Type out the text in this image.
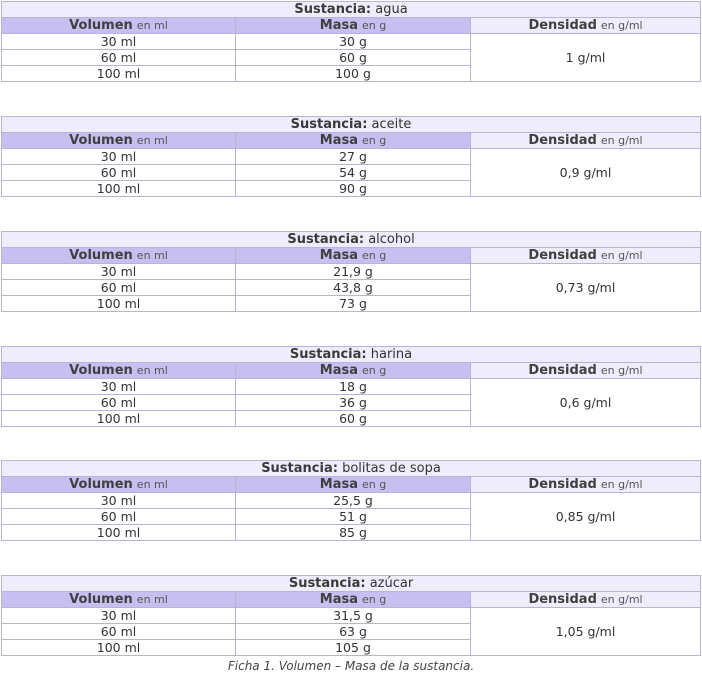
Sustancia: agua		
Volumen en ml	Masa en g	Densidad en g/ml
30 ml	30 g	1 g/ml
60 ml	60 g	
100 ml	100 g	
Sustancia: aceite		
Volumen en ml	Masa en g	Densidad en g/ml
30 ml	27 g	0,9 g/ml
60 ml	54 g	
100 ml	90 g	
Sustancia: alcohol		
Volumen en ml	Masa en g	Densidad en g/ml
30 ml	21,9 g	0,73 g/ml
60 ml	43,8 g	
100 ml	73 g	
Sustancia: harina		
Volumen en ml	Masa en g	Densidad en g/ml
30 ml	18 g	0,6 g/ml
60 ml	36 g	
100 ml	60 g	
Sustancia: bolitas de sopa		
Volumen en ml	Masa en g	Densidad en g/ml
30 ml	25,5 g	0,85 g/ml
60 ml	51 g	
100 ml	85 g	
Sustancia: azúcar		
Volumen en ml	Masa en g	Densidad en g/ml
30 ml	31,5 g	1,05 g/ml
60 ml	63 g	
100 ml	105 g	
Ficha 1. Volumen – Masa de la sustancia.
